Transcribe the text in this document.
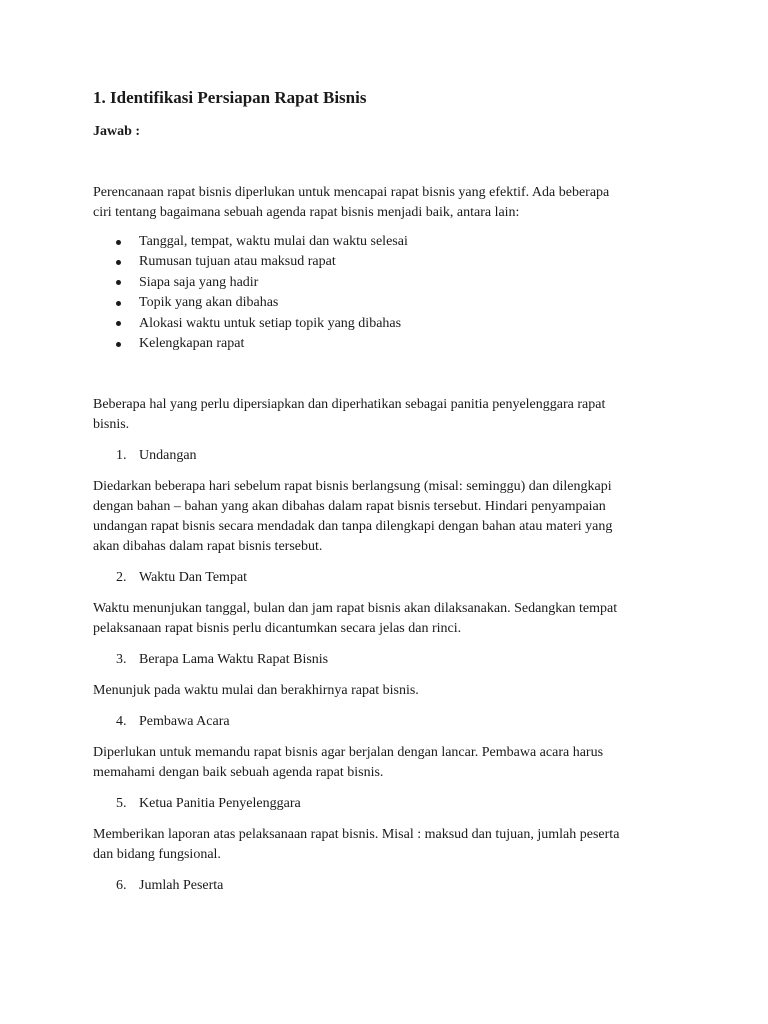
1. Identifikasi Persiapan Rapat Bisnis
Jawab :
Perencanaan rapat bisnis diperlukan untuk mencapai rapat bisnis yang efektif. Ada beberapa
ciri tentang bagaimana sebuah agenda rapat bisnis menjadi baik, antara lain:
Tanggal, tempat, waktu mulai dan waktu selesai
Rumusan tujuan atau maksud rapat
Siapa saja yang hadir
Topik yang akan dibahas
Alokasi waktu untuk setiap topik yang dibahas
Kelengkapan rapat
Beberapa hal yang perlu dipersiapkan dan diperhatikan sebagai panitia penyelenggara rapat
bisnis.
1. Undangan
Diedarkan beberapa hari sebelum rapat bisnis berlangsung (misal: seminggu) dan dilengkapi
dengan bahan – bahan yang akan dibahas dalam rapat bisnis tersebut. Hindari penyampaian
undangan rapat bisnis secara mendadak dan tanpa dilengkapi dengan bahan atau materi yang
akan dibahas dalam rapat bisnis tersebut.
2. Waktu Dan Tempat
Waktu menunjukan tanggal, bulan dan jam rapat bisnis akan dilaksanakan. Sedangkan tempat
pelaksanaan rapat bisnis perlu dicantumkan secara jelas dan rinci.
3. Berapa Lama Waktu Rapat Bisnis
Menunjuk pada waktu mulai dan berakhirnya rapat bisnis.
4. Pembawa Acara
Diperlukan untuk memandu rapat bisnis agar berjalan dengan lancar. Pembawa acara harus
memahami dengan baik sebuah agenda rapat bisnis.
5. Ketua Panitia Penyelenggara
Memberikan laporan atas pelaksanaan rapat bisnis. Misal : maksud dan tujuan, jumlah peserta
dan bidang fungsional.
6. Jumlah Peserta
